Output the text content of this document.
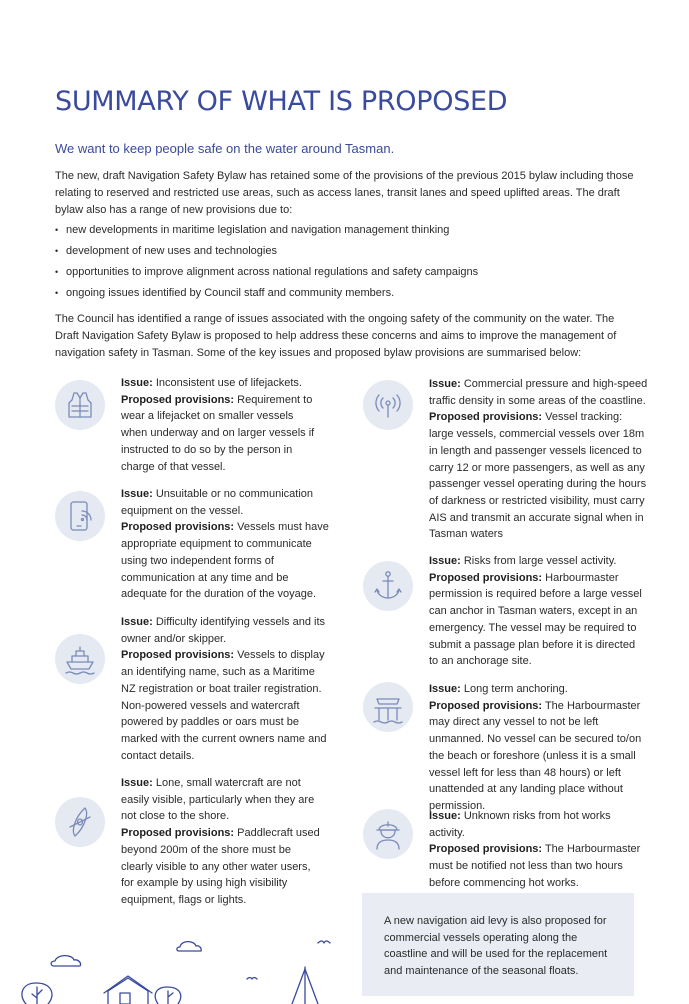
SUMMARY OF WHAT IS PROPOSED
We want to keep people safe on the water around Tasman.

The new, draft Navigation Safety Bylaw has retained some of the provisions of the previous 2015 bylaw including those relating to reserved and restricted use areas, such as access lanes, transit lanes and speed uplifted areas. The draft bylaw also has a range of new provisions due to:

• new developments in maritime legislation and navigation management thinking
• development of new uses and technologies
• opportunities to improve alignment across national regulations and safety campaigns
• ongoing issues identified by Council staff and community members.

The Council has identified a range of issues associated with the ongoing safety of the community on the water. The Draft Navigation Safety Bylaw is proposed to help address these concerns and aims to improve the management of navigation safety in Tasman. Some of the key issues and proposed bylaw provisions are summarised below:

Issue: Inconsistent use of lifejackets.
Proposed provisions: Requirement to wear a lifejacket on smaller vessels when underway and on larger vessels if instructed to do so by the person in charge of that vessel.
Issue: Unsuitable or no communication equipment on the vessel.
Proposed provisions: Vessels must have appropriate equipment to communicate using two independent forms of communication at any time and be adequate for the duration of the voyage.
Issue: Difficulty identifying vessels and its owner and/or skipper.
Proposed provisions: Vessels to display an identifying name, such as a Maritime NZ registration or boat trailer registration. Non-powered vessels and watercraft powered by paddles or oars must be marked with the current owners name and contact details.
Issue: Lone, small watercraft are not easily visible, particularly when they are not close to the shore.
Proposed provisions: Paddlecraft used beyond 200m of the shore must be clearly visible to any other water users, for example by using high visibility equipment, flags or lights.
Issue: Commercial pressure and high-speed traffic density in some areas of the coastline.
Proposed provisions: Vessel tracking: large vessels, commercial vessels over 18m in length and passenger vessels licenced to carry 12 or more passengers, as well as any passenger vessel operating during the hours of darkness or restricted visibility, must carry AIS and transmit an accurate signal when in Tasman waters
Issue: Risks from large vessel activity.
Proposed provisions: Harbourmaster permission is required before a large vessel can anchor in Tasman waters, except in an emergency. The vessel may be required to submit a passage plan before it is directed to an anchorage site.
Issue: Long term anchoring.
Proposed provisions: The Harbourmaster may direct any vessel to not be left unmanned. No vessel can be secured to/on the beach or foreshore (unless it is a small vessel left for less than 48 hours) or left unattended at any landing place without permission.
Issue: Unknown risks from hot works activity.
Proposed provisions: The Harbourmaster must be notified not less than two hours before commencing hot works.

A new navigation aid levy is also proposed for commercial vessels operating along the coastline and will be used for the replacement and maintenance of the seasonal floats.
